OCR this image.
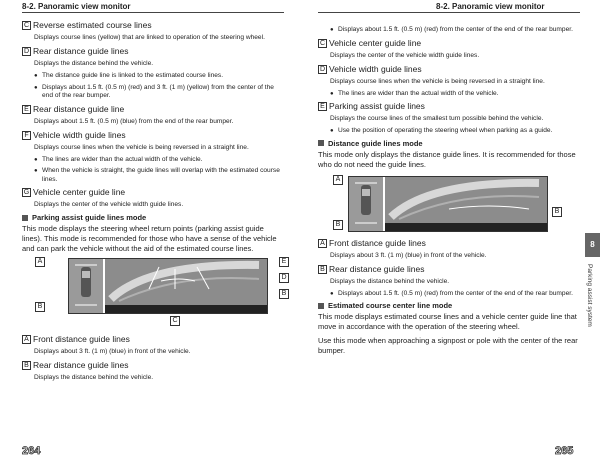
8-2. Panoramic view monitor	8-2. Panoramic view monitor
C Reverse estimated course lines
Displays course lines (yellow) that are linked to operation of the steering wheel.
D Rear distance guide lines
Displays the distance behind the vehicle.
● The distance guide line is linked to the estimated course lines.
● Displays about 1.5 ft. (0.5 m) (red) and 3 ft. (1 m) (yellow) from the center of the end of the rear bumper.
E Rear distance guide line
Displays about 1.5 ft. (0.5 m) (blue) from the end of the rear bumper.
F Vehicle width guide lines
Displays course lines when the vehicle is being reversed in a straight line.
● The lines are wider than the actual width of the vehicle.
● When the vehicle is straight, the guide lines will overlap with the estimated course lines.
G Vehicle center guide line
Displays the center of the vehicle width guide lines.
Parking assist guide lines mode
This mode displays the steering wheel return points (parking assist guide lines). This mode is recommended for those who have a sense of the vehicle and can park the vehicle without the aid of the estimated course lines.
A
B
E
D
B
C
A Front distance guide lines
Displays about 3 ft. (1 m) (blue) in front of the vehicle.
B Rear distance guide lines
Displays the distance behind the vehicle.
● Displays about 1.5 ft. (0.5 m) (red) from the center of the end of the rear bumper.
C Vehicle center guide line
Displays the center of the vehicle width guide lines.
D Vehicle width guide lines
Displays course lines when the vehicle is being reversed in a straight line.
● The lines are wider than the actual width of the vehicle.
E Parking assist guide lines
Displays the course lines of the smallest turn possible behind the vehicle.
● Use the position of operating the steering wheel when parking as a guide.
Distance guide lines mode
This mode only displays the distance guide lines. It is recommended for those who do not need the guide lines.
A
B
B
A Front distance guide lines
Displays about 3 ft. (1 m) (blue) in front of the vehicle.
B Rear distance guide lines
Displays the distance behind the vehicle.
● Displays about 1.5 ft. (0.5 m) (red) from the center of the end of the rear bumper.
Estimated course center line mode
This mode displays estimated course lines and a vehicle center guide line that move in accordance with the operation of the steering wheel.
Use this mode when approaching a signpost or pole with the center of the rear bumper.
8
Parking assist system
264	265
